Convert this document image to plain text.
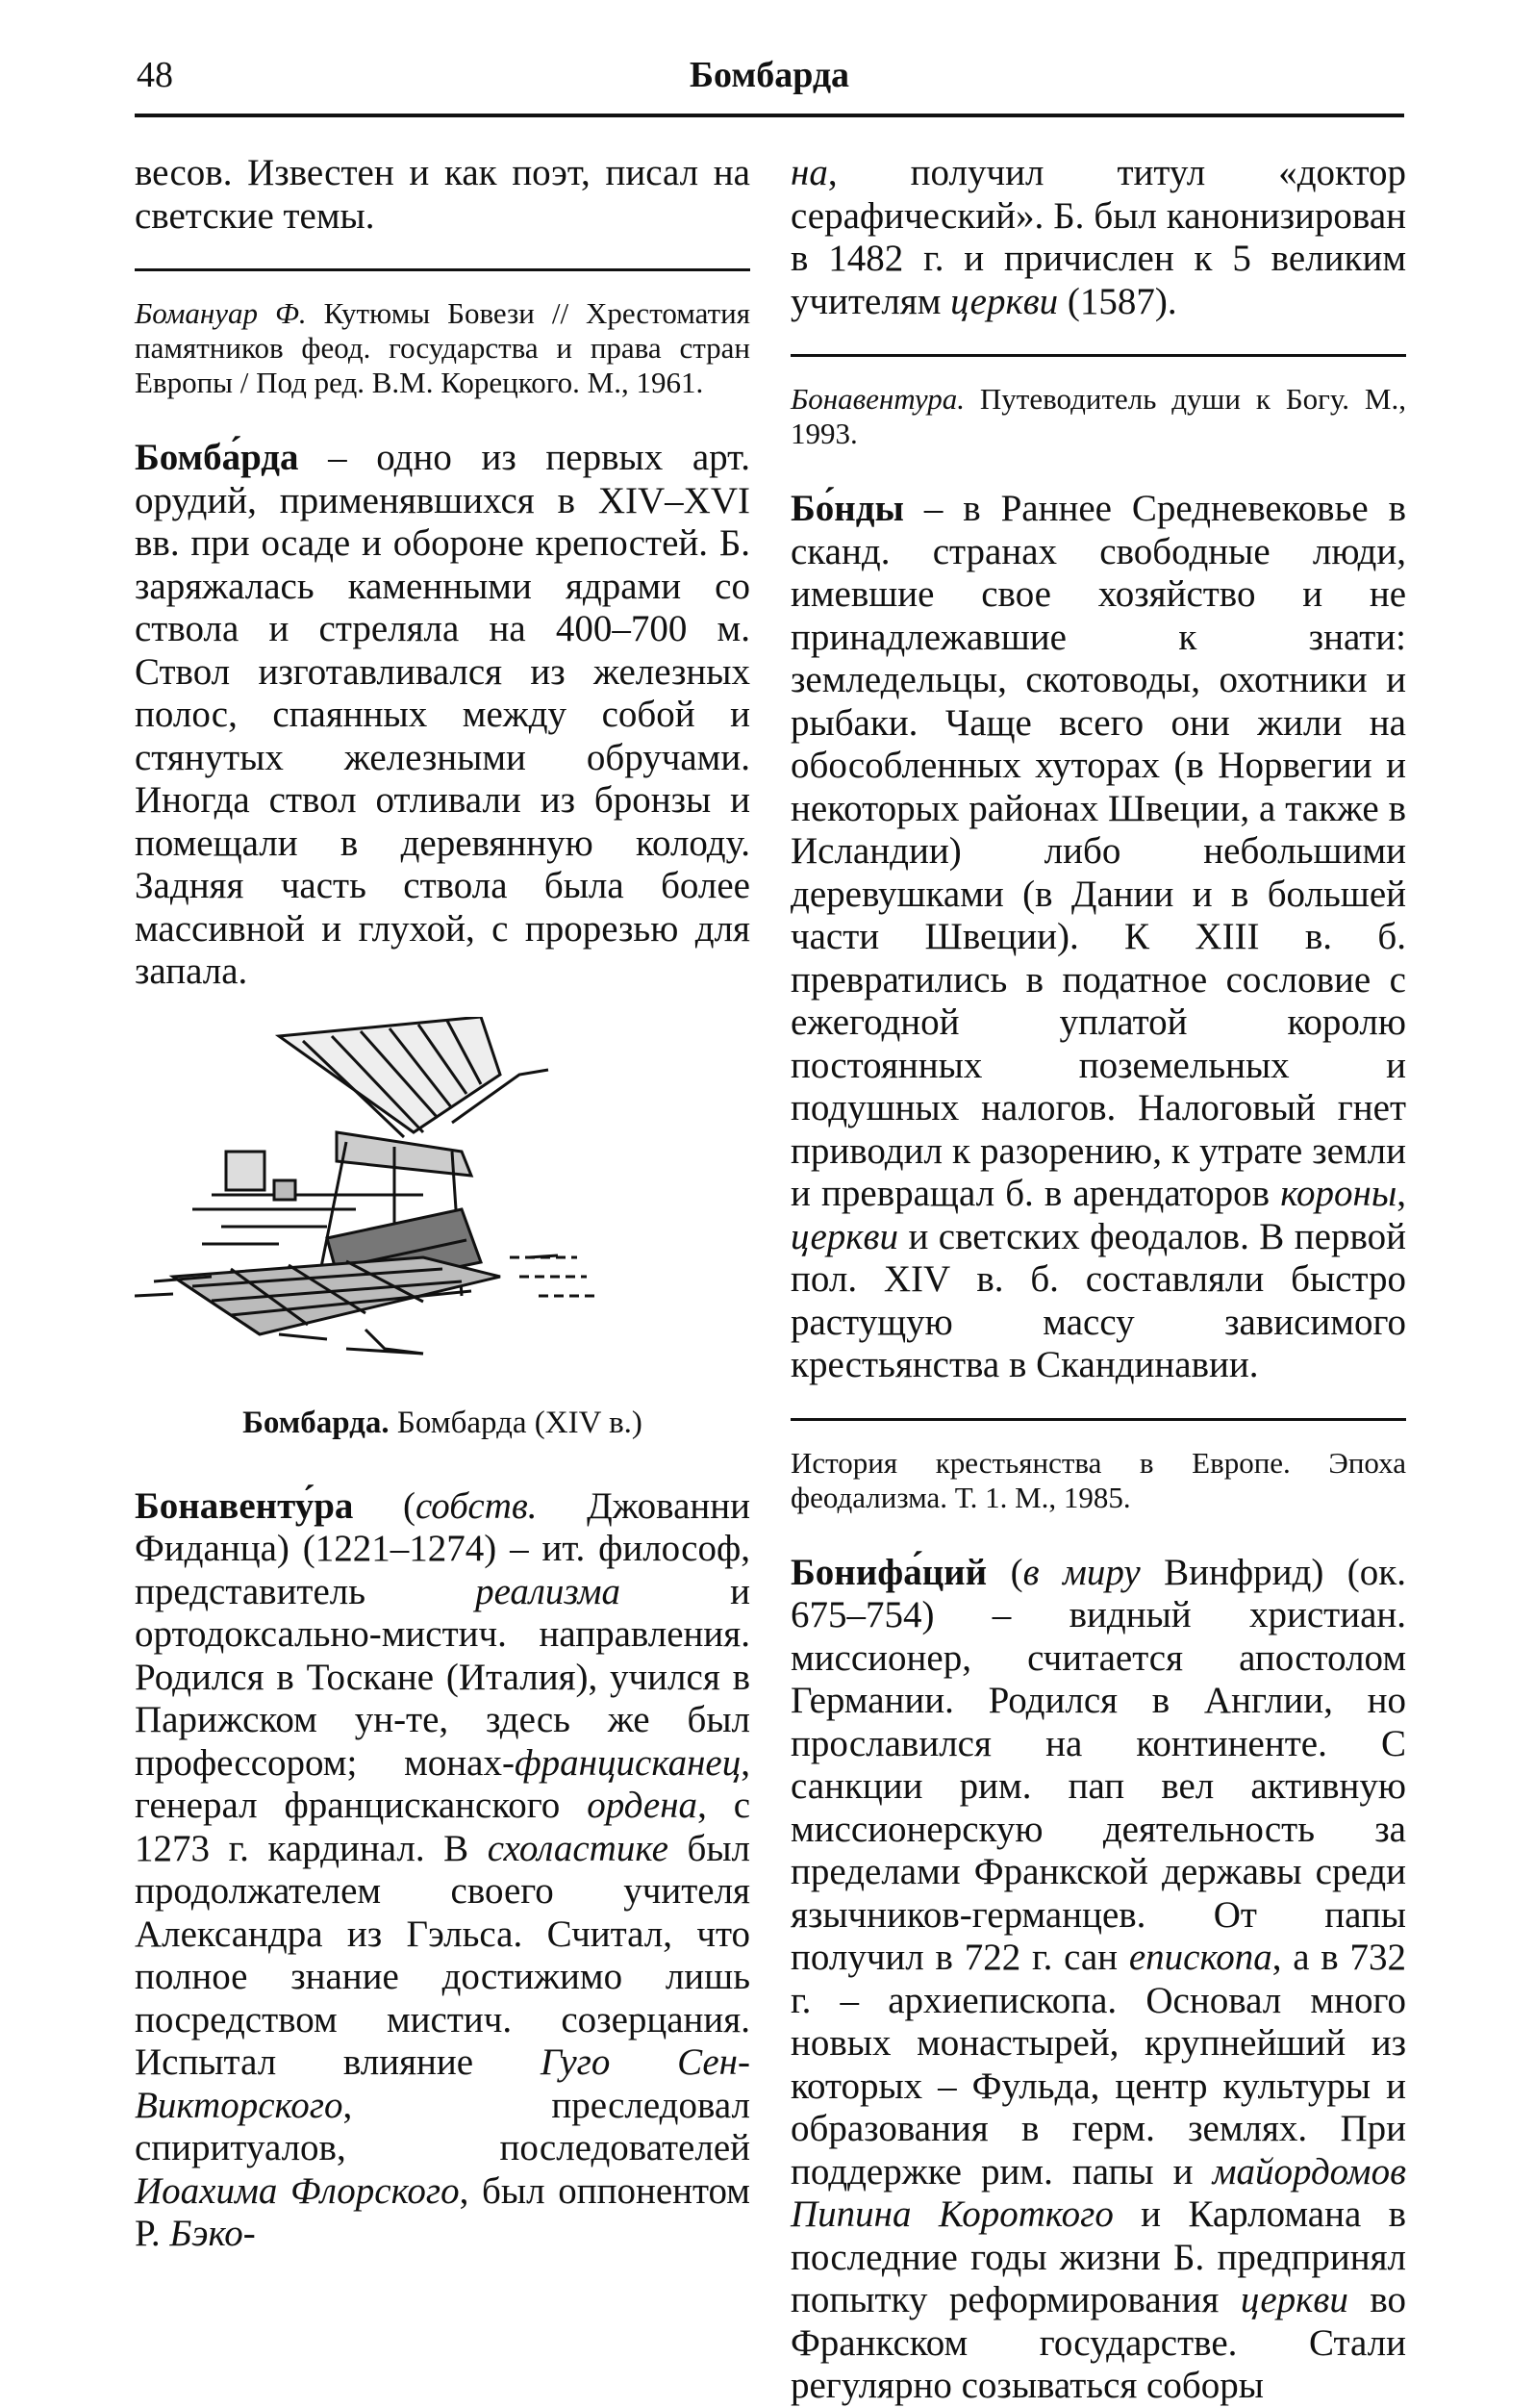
48	Бомбарда

весов. Известен и как поэт, писал на светские темы.

Бомануар Ф. Кутюмы Бовези // Хрестоматия памятников феод. государства и права стран Европы / Под ред. В.М. Корецкого. М., 1961.

Бомба́рда – одно из первых арт. орудий, применявшихся в XIV–XVI вв. при осаде и обороне крепостей. Б. заряжалась каменными ядрами со ствола и стреляла на 400–700 м. Ствол изготавливался из железных полос, спаянных между собой и стянутых железными обручами. Иногда ствол отливали из бронзы и помещали в деревянную колоду. Задняя часть ствола была более массивной и глухой, с прорезью для запала.

Бомбарда. Бомбарда (XIV в.)

Бонавенту́ра (собств. Джованни Фиданца) (1221–1274) – ит. философ, представитель реализма и ортодоксально-мистич. направления. Родился в Тоскане (Италия), учился в Парижском ун-те, здесь же был профессором; монах-францисканец, генерал францисканского ордена, с 1273 г. кардинал. В схоластике был продолжателем своего учителя Александра из Гэльса. Считал, что полное знание достижимо лишь посредством мистич. созерцания. Испытал влияние Гуго Сен-Викторского, преследовал спиритуалов, последователей Иоахима Флорского, был оппонентом Р. Бэко-

на, получил титул «доктор серафический». Б. был канонизирован в 1482 г. и причислен к 5 великим учителям церкви (1587).

Бонавентура. Путеводитель души к Богу. М., 1993.

Бо́нды – в Раннее Средневековье в сканд. странах свободные люди, имевшие свое хозяйство и не принадлежавшие к знати: земледельцы, скотоводы, охотники и рыбаки. Чаще всего они жили на обособленных хуторах (в Норвегии и некоторых районах Швеции, а также в Исландии) либо небольшими деревушками (в Дании и в большей части Швеции). К XIII в. б. превратились в податное сословие с ежегодной уплатой королю постоянных поземельных и подушных налогов. Налоговый гнет приводил к разорению, к утрате земли и превращал б. в арендаторов короны, церкви и светских феодалов. В первой пол. XIV в. б. составляли быстро растущую массу зависимого крестьянства в Скандинавии.

История крестьянства в Европе. Эпоха феодализма. Т. 1. М., 1985.

Бонифа́ций (в миру Винфрид) (ок. 675–754) – видный христиан. миссионер, считается апостолом Германии. Родился в Англии, но прославился на континенте. С санкции рим. пап вел активную миссионерскую деятельность за пределами Франкской державы среди язычников-германцев. От папы получил в 722 г. сан епископа, а в 732 г. – архиепископа. Основал много новых монастырей, крупнейший из которых – Фульда, центр культуры и образования в герм. землях. При поддержке рим. папы и майордомов Пипина Короткого и Карломана в последние годы жизни Б. предпринял попытку реформирования церкви во Франкском государстве. Стали регулярно созываться соборы
